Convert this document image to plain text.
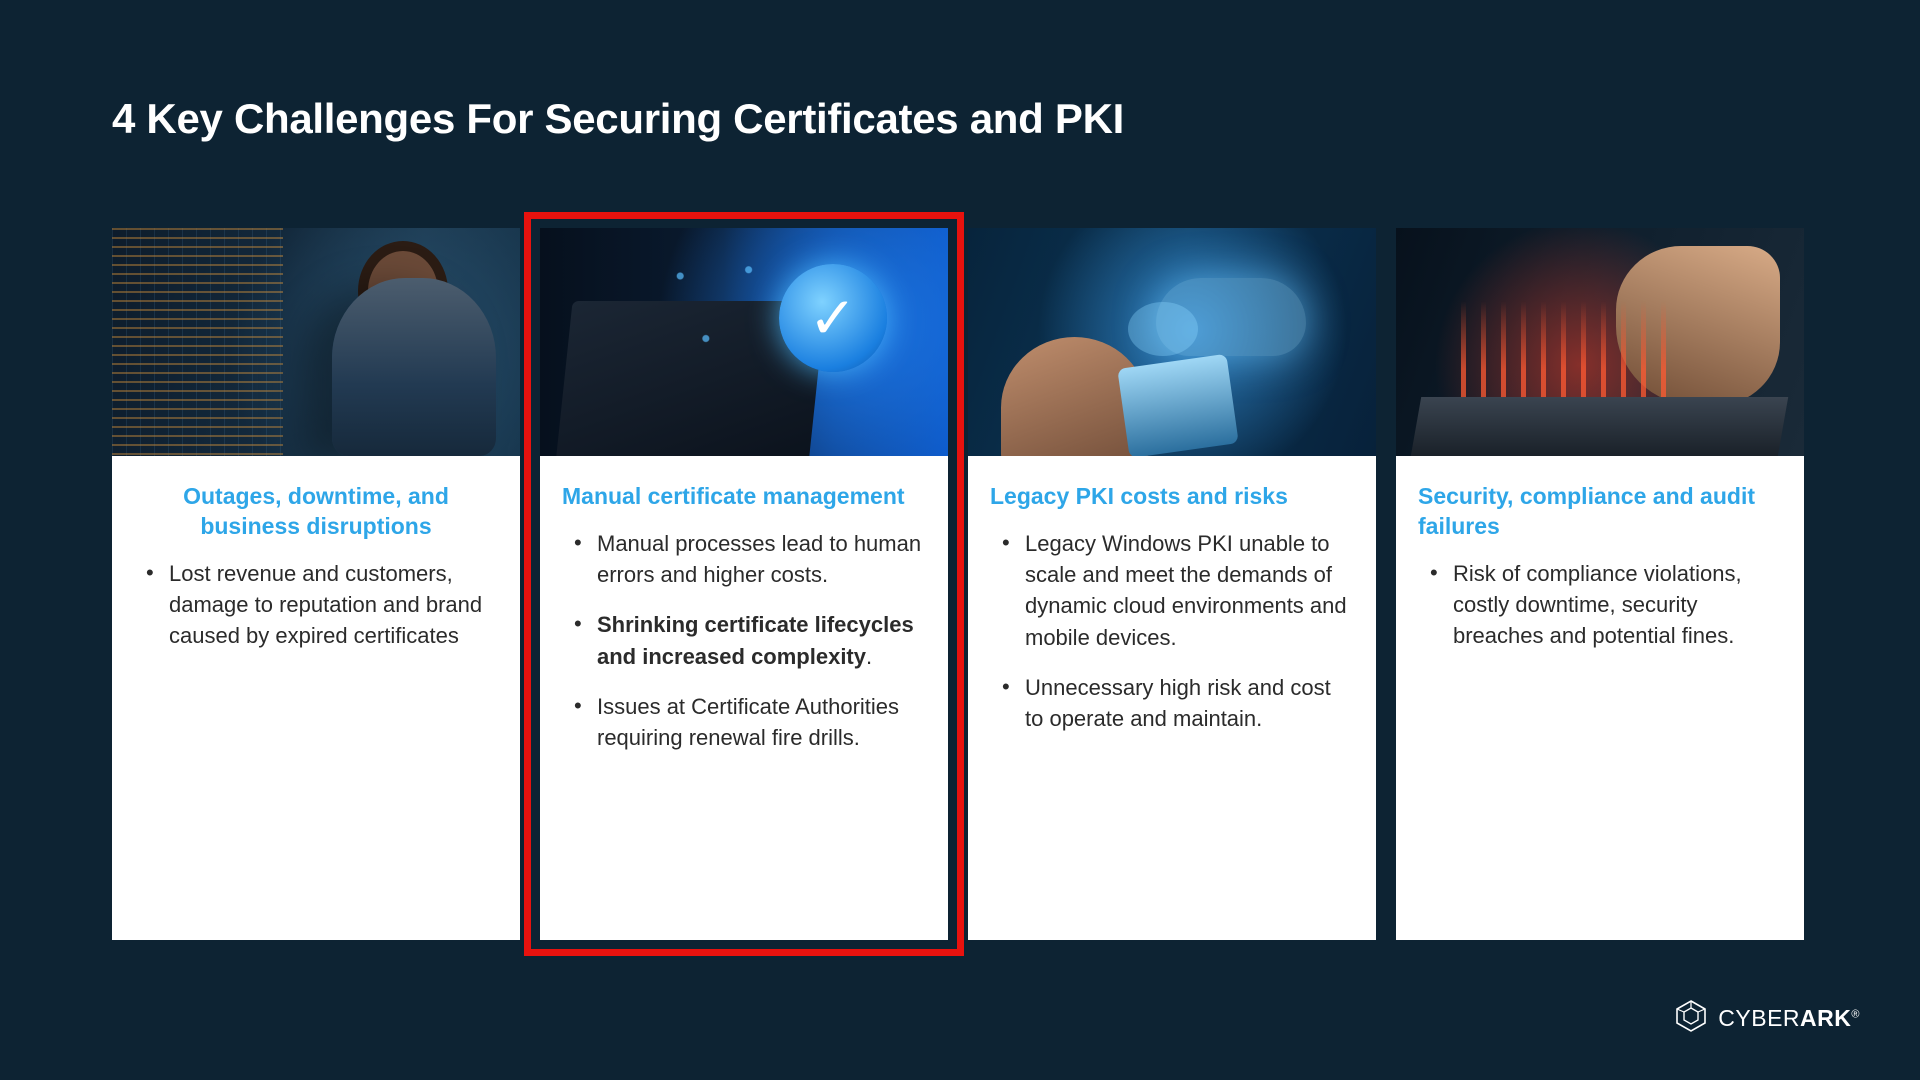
4 Key Challenges For Securing Certificates and PKI
Outages, downtime, and business disruptions
• Lost revenue and customers, damage to reputation and brand caused by expired certificates
✓
Manual certificate management
• Manual processes lead to human errors and higher costs.
• Shrinking certificate lifecycles and increased complexity.
• Issues at Certificate Authorities requiring renewal fire drills.
Legacy PKI costs and risks
• Legacy Windows PKI unable to scale and meet the demands of dynamic cloud environments and mobile devices.
• Unnecessary high risk and cost to operate and maintain.
Security, compliance and audit failures
• Risk of compliance violations, costly downtime, security breaches and potential fines.
CYBERARK®
